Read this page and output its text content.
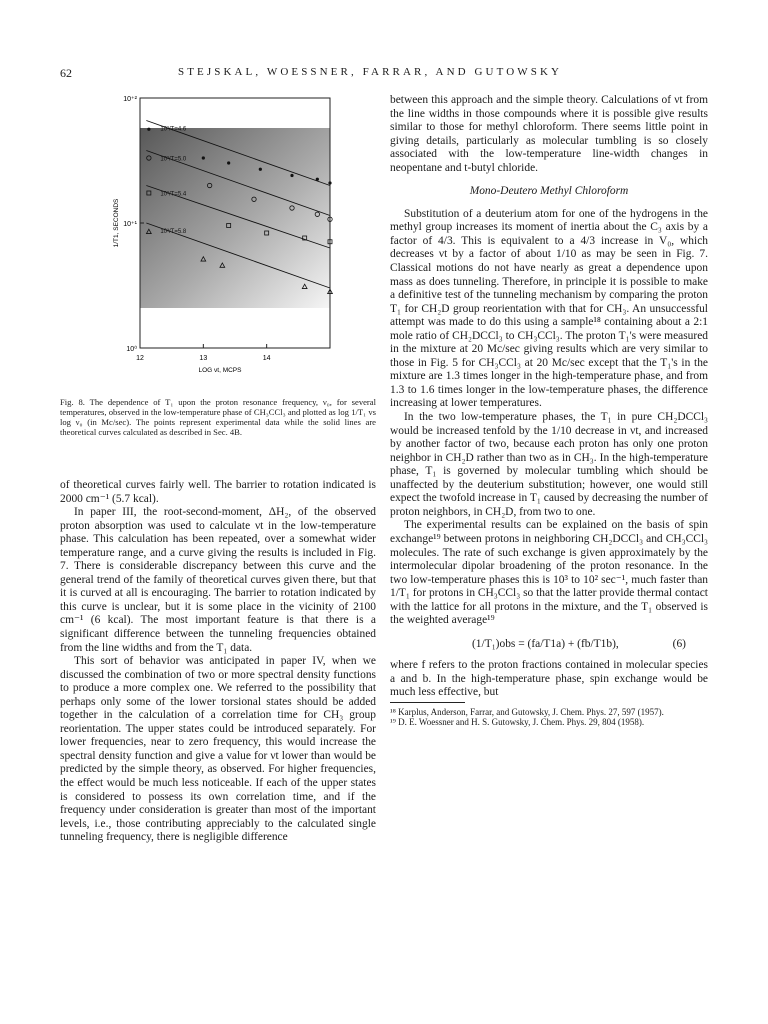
62	STEJSKAL, WOESSNER, FARRAR, AND GUTOWSKY
12	13	14
10⁰
10⁺¹
10⁺²
LOG νt, MCPS
1/T1, SECONDS
10³/T=4.6
10³/T=5.0
10³/T=5.4
10³/T=5.8
Fig. 8. The dependence of T₁ upon the proton resonance frequency, ν₀, for several temperatures, observed in the low-temperature phase of CH₃CCl₃ and plotted as log 1/T₁ vs log ν₀ (in Mc/sec). The points represent experimental data while the solid lines are theoretical curves calculated as described in Sec. 4B.

of theoretical curves fairly well. The barrier to rotation indicated is 2000 cm⁻¹ (5.7 kcal).

In paper III, the root-second-moment, ΔH₂, of the observed proton absorption was used to calculate νt in the low-temperature phase. This calculation has been repeated, over a somewhat wider temperature range, and a curve giving the results is included in Fig. 7. There is considerable discrepancy between this curve and the general trend of the family of theoretical curves given there, but that it is curved at all is encouraging. The barrier to rotation indicated by this curve is unclear, but it is some place in the vicinity of 2100 cm⁻¹ (6 kcal). The most important feature is that there is a significant difference between the tunneling frequencies obtained from the line widths and from the T₁ data.

This sort of behavior was anticipated in paper IV, when we discussed the combination of two or more spectral density functions to produce a more complex one. We referred to the possibility that perhaps only some of the lower torsional states should be added together in the calculation of a correlation time for CH₃ group reorientation. The upper states could be introduced separately. For lower frequencies, near to zero frequency, this would increase the spectral density function and give a value for νt lower than would be predicted by the simple theory, as observed. For higher frequencies, the effect would be much less noticeable. If each of the upper states is considered to possess its own correlation time, and if the frequency under consideration is greater than most of the important levels, i.e., those contributing appreciably to the calculated single tunneling frequency, there is negligible difference

between this approach and the simple theory. Calculations of νt from the line widths in those compounds where it is possible give results similar to those for methyl chloroform. There seems little point in giving details, particularly as molecular tumbling is so closely associated with the low-temperature line-width changes in neopentane and t-butyl chloride.

Mono-Deutero Methyl Chloroform

Substitution of a deuterium atom for one of the hydrogens in the methyl group increases its moment of inertia about the C₃ axis by a factor of 4/3. This is equivalent to a 4/3 increase in V₀, which decreases νt by a factor of about 1/10 as may be seen in Fig. 7. Classical motions do not have nearly as great a dependence upon mass as does tunneling. Therefore, in principle it is possible to make a definitive test of the tunneling mechanism by comparing the proton T₁ for CH₂D group reorientation with that for CH₃. An unsuccessful attempt was made to do this using a sample¹⁸ containing about a 2:1 mole ratio of CH₂DCCl₃ to CH₃CCl₃. The proton T₁'s were measured in the mixture at 20 Mc/sec giving results which are very similar to those in Fig. 5 for CH₃CCl₃ at 20 Mc/sec except that the T₁'s in the mixture are 1.3 times longer in the high-temperature phase, and from 1.3 to 1.6 times longer in the low-temperature phases, the difference increasing at lower temperatures.

In the two low-temperature phases, the T₁ in pure CH₂DCCl₃ would be increased tenfold by the 1/10 decrease in νt, and increased by another factor of two, because each proton has only one proton neighbor in CH₂D rather than two as in CH₃. In the high-temperature phase, T₁ is governed by molecular tumbling which should be unaffected by the deuterium substitution; however, one would still expect the twofold increase in T₁ caused by decreasing the number of proton neighbors, in CH₂D, from two to one.

The experimental results can be explained on the basis of spin exchange¹⁹ between protons in neighboring CH₂DCCl₃ and CH₃CCl₃ molecules. The rate of such exchange is given approximately by the intermolecular dipolar broadening of the proton resonance. In the two low-temperature phases this is 10³ to 10² sec⁻¹, much faster than 1/T₁ for protons in CH₃CCl₃ so that the latter provide thermal contact with the lattice for all protons in the mixture, and the T₁ observed is the weighted average¹⁹

(1/T₁)obs = (fa/T1a) + (fb/T1b),	(6)

where f refers to the proton fractions contained in molecular species a and b. In the high-temperature phase, spin exchange would be much less effective, but

¹⁸ Karplus, Anderson, Farrar, and Gutowsky, J. Chem. Phys. 27, 597 (1957).

¹⁹ D. E. Woessner and H. S. Gutowsky, J. Chem. Phys. 29, 804 (1958).
